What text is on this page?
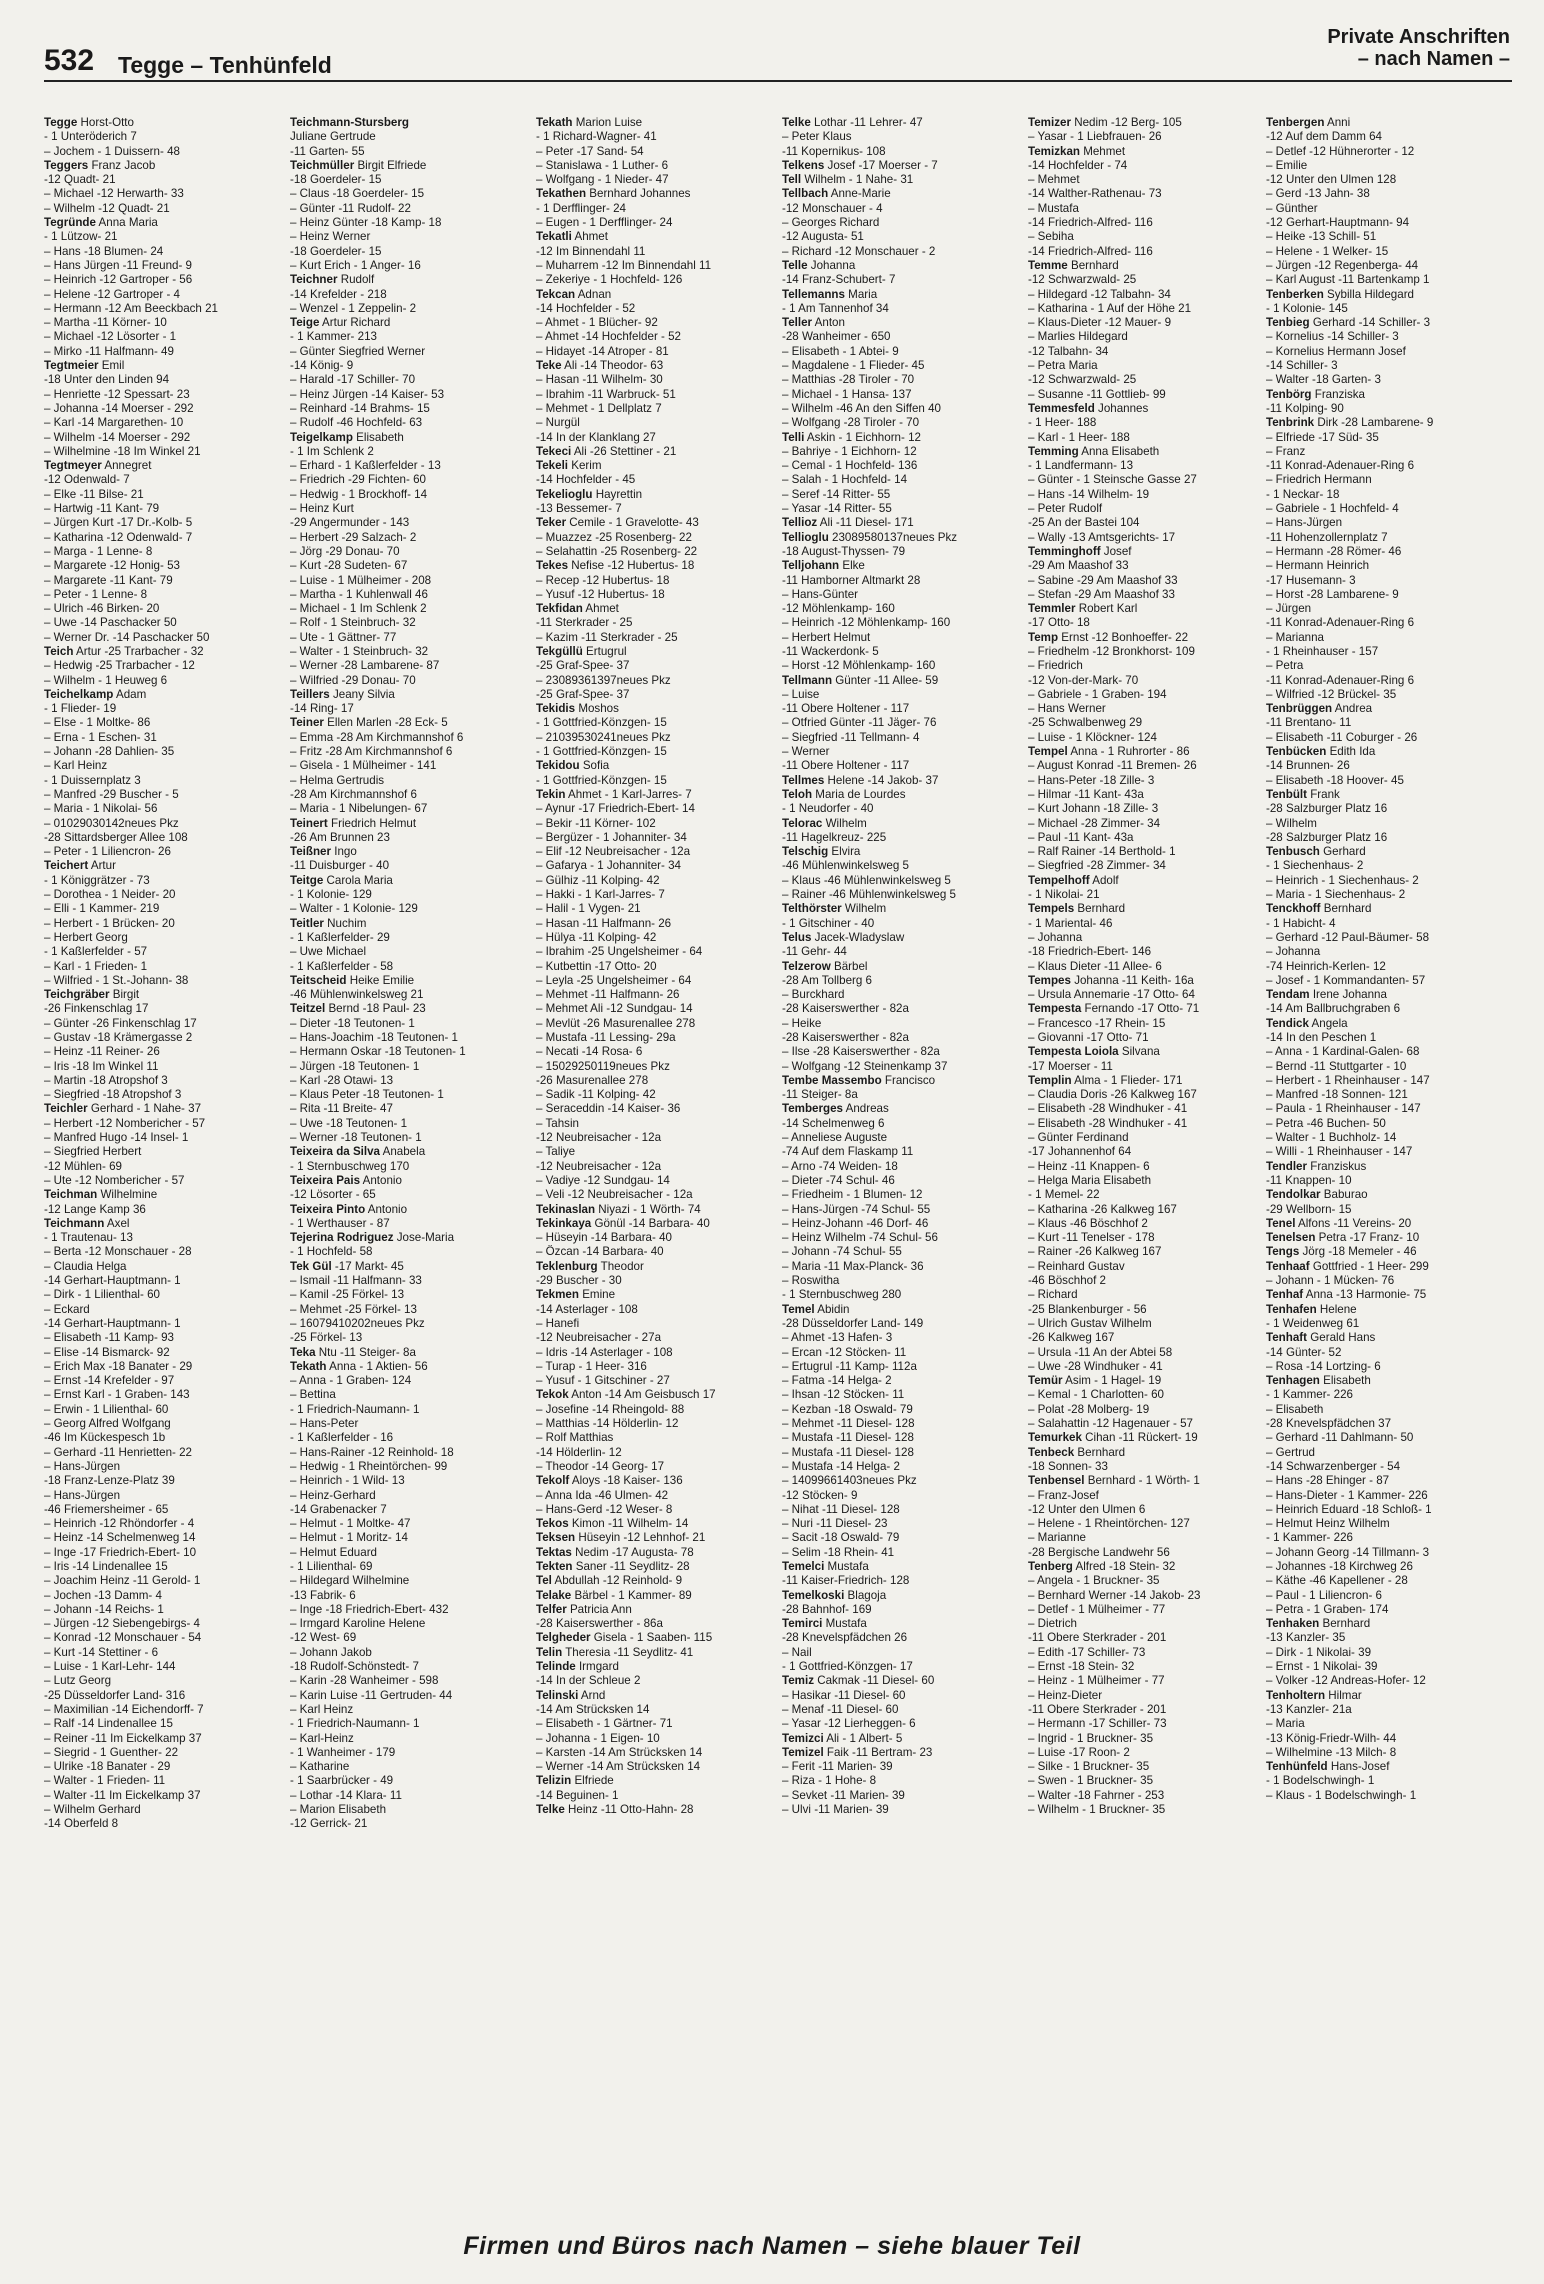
532 Tegge – Tenhünfeld
Private Anschriften
– nach Namen –
Tegge Horst-Otto
- 1 Unteröderich 7
– Jochem - 1 Duissern- 48
Teggers Franz Jacob
-12 Quadt- 21
– Michael -12 Herwarth- 33
– Wilhelm -12 Quadt- 21
Tegründe Anna Maria
- 1 Lützow- 21
– Hans -18 Blumen- 24
– Hans Jürgen -11 Freund- 9
– Heinrich -12 Gartroper - 56
– Helene -12 Gartroper - 4
– Hermann -12 Am Beeckbach 21
– Martha -11 Körner- 10
– Michael -12 Lösorter - 1
– Mirko -11 Halfmann- 49
Tegtmeier Emil
-18 Unter den Linden 94
– Henriette -12 Spessart- 23
– Johanna -14 Moerser - 292
– Karl -14 Margarethen- 10
– Wilhelm -14 Moerser - 292
– Wilhelmine -18 Im Winkel 21
Tegtmeyer Annegret
-12 Odenwald- 7
– Elke -11 Bilse- 21
– Hartwig -11 Kant- 79
– Jürgen Kurt -17 Dr.-Kolb- 5
– Katharina -12 Odenwald- 7
– Marga - 1 Lenne- 8
– Margarete -12 Honig- 53
– Margarete -11 Kant- 79
– Peter - 1 Lenne- 8
– Ulrich -46 Birken- 20
– Uwe -14 Paschacker 50
– Werner Dr. -14 Paschacker 50
Teich Artur -25 Trarbacher - 32
– Hedwig -25 Trarbacher - 12
– Wilhelm - 1 Heuweg 6
Teichelkamp Adam
- 1 Flieder- 19
– Else - 1 Moltke- 86
– Erna - 1 Eschen- 31
– Johann -28 Dahlien- 35
– Karl Heinz
- 1 Duissernplatz 3
– Manfred -29 Buscher - 5
– Maria - 1 Nikolai- 56
– 01029030142neues Pkz
-28 Sittardsberger Allee 108
– Peter - 1 Liliencron- 26
Teichert Artur
- 1 Königgrätzer - 73
– Dorothea - 1 Neider- 20
– Elli - 1 Kammer- 219
– Herbert - 1 Brücken- 20
– Herbert Georg
- 1 Kaßlerfelder - 57
– Karl - 1 Frieden- 1
– Wilfried - 1 St.-Johann- 38
Teichgräber Birgit
-26 Finkenschlag 17
– Günter -26 Finkenschlag 17
– Gustav -18 Krämergasse 2
– Heinz -11 Reiner- 26
– Iris -18 Im Winkel 11
– Martin -18 Atropshof 3
– Siegfried -18 Atropshof 3
Teichler Gerhard - 1 Nahe- 37
– Herbert -12 Nombericher - 57
– Manfred Hugo -14 Insel- 1
– Siegfried Herbert
-12 Mühlen- 69
– Ute -12 Nombericher - 57
Teichman Wilhelmine
-12 Lange Kamp 36
Teichmann Axel
- 1 Trautenau- 13
– Berta -12 Monschauer - 28
– Claudia Helga
-14 Gerhart-Hauptmann- 1
– Dirk - 1 Lilienthal- 60
– Eckard
-14 Gerhart-Hauptmann- 1
– Elisabeth -11 Kamp- 93
– Elise -14 Bismarck- 92
– Erich Max -18 Banater - 29
– Ernst -14 Krefelder - 97
– Ernst Karl - 1 Graben- 143
– Erwin - 1 Lilienthal- 60
– Georg Alfred Wolfgang
-46 Im Kückespesch 1b
– Gerhard -11 Henrietten- 22
– Hans-Jürgen
-18 Franz-Lenze-Platz 39
– Hans-Jürgen
-46 Friemersheimer - 65
– Heinrich -12 Rhöndorfer - 4
– Heinz -14 Schelmenweg 14
– Inge -17 Friedrich-Ebert- 10
– Iris -14 Lindenallee 15
– Joachim Heinz -11 Gerold- 1
– Jochen -13 Damm- 4
– Johann -14 Reichs- 1
– Jürgen -12 Siebengebirgs- 4
– Konrad -12 Monschauer - 54
– Kurt -14 Stettiner - 6
– Luise - 1 Karl-Lehr- 144
– Lutz Georg
-25 Düsseldorfer Land- 316
– Maximilian -14 Eichendorff- 7
– Ralf -14 Lindenallee 15
– Reiner -11 Im Eickelkamp 37
– Siegrid - 1 Guenther- 22
– Ulrike -18 Banater - 29
– Walter - 1 Frieden- 11
– Walter -11 Im Eickelkamp 37
– Wilhelm Gerhard
-14 Oberfeld 8
Teichmann-Stursberg
Juliane Gertrude
-11 Garten- 55
Teichmüller Birgit Elfriede
-18 Goerdeler- 15
– Claus -18 Goerdeler- 15
– Günter -11 Rudolf- 22
– Heinz Günter -18 Kamp- 18
– Heinz Werner
-18 Goerdeler- 15
– Kurt Erich - 1 Anger- 16
Teichner Rudolf
-14 Krefelder - 218
– Wenzel - 1 Zeppelin- 2
Teige Artur Richard
- 1 Kammer- 213
– Günter Siegfried Werner
-14 König- 9
– Harald -17 Schiller- 70
– Heinz Jürgen -14 Kaiser- 53
– Reinhard -14 Brahms- 15
– Rudolf -46 Hochfeld- 63
Teigelkamp Elisabeth
- 1 Im Schlenk 2
– Erhard - 1 Kaßlerfelder - 13
– Friedrich -29 Fichten- 60
– Hedwig - 1 Brockhoff- 14
– Heinz Kurt
-29 Angermunder - 143
– Herbert -29 Salzach- 2
– Jörg -29 Donau- 70
– Kurt -28 Sudeten- 67
– Luise - 1 Mülheimer - 208
– Martha - 1 Kuhlenwall 46
– Michael - 1 Im Schlenk 2
– Rolf - 1 Steinbruch- 32
– Ute - 1 Gättner- 77
– Walter - 1 Steinbruch- 32
– Werner -28 Lambarene- 87
– Wilfried -29 Donau- 70
Teillers Jeany Silvia
-14 Ring- 17
Teiner Ellen Marlen -28 Eck- 5
– Emma -28 Am Kirchmannshof 6
– Fritz -28 Am Kirchmannshof 6
– Gisela - 1 Mülheimer - 141
– Helma Gertrudis
-28 Am Kirchmannshof 6
– Maria - 1 Nibelungen- 67
Teinert Friedrich Helmut
-26 Am Brunnen 23
Teißner Ingo
-11 Duisburger - 40
Teitge Carola Maria
- 1 Kolonie- 129
– Walter - 1 Kolonie- 129
Teitler Nuchim
- 1 Kaßlerfelder- 29
– Uwe Michael
- 1 Kaßlerfelder - 58
Teitscheid Heike Emilie
-46 Mühlenwinkelsweg 21
Teitzel Bernd -18 Paul- 23
– Dieter -18 Teutonen- 1
– Hans-Joachim -18 Teutonen- 1
– Hermann Oskar -18 Teutonen- 1
– Jürgen -18 Teutonen- 1
– Karl -28 Otawi- 13
– Klaus Peter -18 Teutonen- 1
– Rita -11 Breite- 47
– Uwe -18 Teutonen- 1
– Werner -18 Teutonen- 1
Teixeira da Silva Anabela
- 1 Sternbuschweg 170
Teixeira Pais Antonio
-12 Lösorter - 65
Teixeira Pinto Antonio
- 1 Werthauser - 87
Tejerina Rodriguez Jose-Maria
- 1 Hochfeld- 58
Tek Gül -17 Markt- 45
– Ismail -11 Halfmann- 33
– Kamil -25 Förkel- 13
– Mehmet -25 Förkel- 13
– 16079410202neues Pkz
-25 Förkel- 13
Teka Ntu -11 Steiger- 8a
Tekath Anna - 1 Aktien- 56
– Anna - 1 Graben- 124
– Bettina
- 1 Friedrich-Naumann- 1
– Hans-Peter
- 1 Kaßlerfelder - 16
– Hans-Rainer -12 Reinhold- 18
– Hedwig - 1 Rheintörchen- 99
– Heinrich - 1 Wild- 13
– Heinz-Gerhard
-14 Grabenacker 7
– Helmut - 1 Moltke- 47
– Helmut - 1 Moritz- 14
– Helmut Eduard
- 1 Lilienthal- 69
– Hildegard Wilhelmine
-13 Fabrik- 6
– Inge -18 Friedrich-Ebert- 432
– Irmgard Karoline Helene
-12 West- 69
– Johann Jakob
-18 Rudolf-Schönstedt- 7
– Karin -28 Wanheimer - 598
– Karin Luise -11 Gertruden- 44
– Karl Heinz
- 1 Friedrich-Naumann- 1
– Karl-Heinz
- 1 Wanheimer - 179
– Katharine
- 1 Saarbrücker - 49
– Lothar -14 Klara- 11
– Marion Elisabeth
-12 Gerrick- 21
Tekath Marion Luise
- 1 Richard-Wagner- 41
– Peter -17 Sand- 54
– Stanislawa - 1 Luther- 6
– Wolfgang - 1 Nieder- 47
Tekathen Bernhard Johannes
- 1 Derfflinger- 24
– Eugen - 1 Derfflinger- 24
Tekatli Ahmet
-12 Im Binnendahl 11
– Muharrem -12 Im Binnendahl 11
– Zekeriye - 1 Hochfeld- 126
Tekcan Adnan
-14 Hochfelder - 52
– Ahmet - 1 Blücher- 92
– Ahmet -14 Hochfelder - 52
– Hidayet -14 Atroper - 81
Teke Ali -14 Theodor- 63
– Hasan -11 Wilhelm- 30
– Ibrahim -11 Warbruck- 51
– Mehmet - 1 Dellplatz 7
– Nurgül
-14 In der Klanklang 27
Tekeci Ali -26 Stettiner - 21
Tekeli Kerim
-14 Hochfelder - 45
Tekelioglu Hayrettin
-13 Bessemer- 7
Teker Cemile - 1 Gravelotte- 43
– Muazzez -25 Rosenberg- 22
– Selahattin -25 Rosenberg- 22
Tekes Nefise -12 Hubertus- 18
– Recep -12 Hubertus- 18
– Yusuf -12 Hubertus- 18
Tekfidan Ahmet
-11 Sterkrader - 25
– Kazim -11 Sterkrader - 25
Tekgüllü Ertugrul
-25 Graf-Spee- 37
– 23089361397neues Pkz
-25 Graf-Spee- 37
Tekidis Moshos
- 1 Gottfried-Könzgen- 15
– 21039530241neues Pkz
- 1 Gottfried-Könzgen- 15
Tekidou Sofia
- 1 Gottfried-Könzgen- 15
Tekin Ahmet - 1 Karl-Jarres- 7
– Aynur -17 Friedrich-Ebert- 14
– Bekir -11 Körner- 102
– Bergüzer - 1 Johanniter- 34
– Elif -12 Neubreisacher - 12a
– Gafarya - 1 Johanniter- 34
– Gülhiz -11 Kolping- 42
– Hakki - 1 Karl-Jarres- 7
– Halil - 1 Vygen- 21
– Hasan -11 Halfmann- 26
– Hülya -11 Kolping- 42
– Ibrahim -25 Ungelsheimer - 64
– Kutbettin -17 Otto- 20
– Leyla -25 Ungelsheimer - 64
– Mehmet -11 Halfmann- 26
– Mehmet Ali -12 Sundgau- 14
– Mevlüt -26 Masurenallee 278
– Mustafa -11 Lessing- 29a
– Necati -14 Rosa- 6
– 15029250119neues Pkz
-26 Masurenallee 278
– Sadik -11 Kolping- 42
– Seraceddin -14 Kaiser- 36
– Tahsin
-12 Neubreisacher - 12a
– Taliye
-12 Neubreisacher - 12a
– Vadiye -12 Sundgau- 14
– Veli -12 Neubreisacher - 12a
Tekinaslan Niyazi - 1 Wörth- 74
Tekinkaya Gönül -14 Barbara- 40
– Hüseyin -14 Barbara- 40
– Özcan -14 Barbara- 40
Teklenburg Theodor
-29 Buscher - 30
Tekmen Emine
-14 Asterlager - 108
– Hanefi
-12 Neubreisacher - 27a
– Idris -14 Asterlager - 108
– Turap - 1 Heer- 316
– Yusuf - 1 Gitschiner - 27
Tekok Anton -14 Am Geisbusch 17
– Josefine -14 Rheingold- 88
– Matthias -14 Hölderlin- 12
– Rolf Matthias
-14 Hölderlin- 12
– Theodor -14 Georg- 17
Tekolf Aloys -18 Kaiser- 136
– Anna Ida -46 Ulmen- 42
– Hans-Gerd -12 Weser- 8
Tekos Kimon -11 Wilhelm- 14
Teksen Hüseyin -12 Lehnhof- 21
Tektas Nedim -17 Augusta- 78
Tekten Saner -11 Seydlitz- 28
Tel Abdullah -12 Reinhold- 9
Telake Bärbel - 1 Kammer- 89
Telfer Patricia Ann
-28 Kaiserswerther - 86a
Telgheder Gisela - 1 Saaben- 115
Telin Theresia -11 Seydlitz- 41
Telinde Irmgard
-14 In der Schleue 2
Telinski Arnd
-14 Am Strücksken 14
– Elisabeth - 1 Gärtner- 71
– Johanna - 1 Eigen- 10
– Karsten -14 Am Strücksken 14
– Werner -14 Am Strücksken 14
Telizin Elfriede
-14 Beguinen- 1
Telke Heinz -11 Otto-Hahn- 28
Telke Lothar -11 Lehrer- 47
– Peter Klaus
-11 Kopernikus- 108
Telkens Josef -17 Moerser - 7
Tell Wilhelm - 1 Nahe- 31
Tellbach Anne-Marie
-12 Monschauer - 4
– Georges Richard
-12 Augusta- 51
– Richard -12 Monschauer - 2
Telle Johanna
-14 Franz-Schubert- 7
Tellemanns Maria
- 1 Am Tannenhof 34
Teller Anton
-28 Wanheimer - 650
– Elisabeth - 1 Abtei- 9
– Magdalene - 1 Flieder- 45
– Matthias -28 Tiroler - 70
– Michael - 1 Hansa- 137
– Wilhelm -46 An den Siffen 40
– Wolfgang -28 Tiroler - 70
Telli Askin - 1 Eichhorn- 12
– Bahriye - 1 Eichhorn- 12
– Cemal - 1 Hochfeld- 136
– Salah - 1 Hochfeld- 14
– Seref -14 Ritter- 55
– Yasar -14 Ritter- 55
Tellioz Ali -11 Diesel- 171
Tellioglu 23089580137neues Pkz
-18 August-Thyssen- 79
Telljohann Elke
-11 Hamborner Altmarkt 28
– Hans-Günter
-12 Möhlenkamp- 160
– Heinrich -12 Möhlenkamp- 160
– Herbert Helmut
-11 Wackerdonk- 5
– Horst -12 Möhlenkamp- 160
Tellmann Günter -11 Allee- 59
– Luise
-11 Obere Holtener - 117
– Otfried Günter -11 Jäger- 76
– Siegfried -11 Tellmann- 4
– Werner
-11 Obere Holtener - 117
Tellmes Helene -14 Jakob- 37
Teloh Maria de Lourdes
- 1 Neudorfer - 40
Telorac Wilhelm
-11 Hagelkreuz- 225
Telschig Elvira
-46 Mühlenwinkelsweg 5
– Klaus -46 Mühlenwinkelsweg 5
– Rainer -46 Mühlenwinkelsweg 5
Telthörster Wilhelm
- 1 Gitschiner - 40
Telus Jacek-Wladyslaw
-11 Gehr- 44
Telzerow Bärbel
-28 Am Tollberg 6
– Burckhard
-28 Kaiserswerther - 82a
– Heike
-28 Kaiserswerther - 82a
– Ilse -28 Kaiserswerther - 82a
– Wolfgang -12 Steinenkamp 37
Tembe Massembo Francisco
-11 Steiger- 8a
Temberges Andreas
-14 Schelmenweg 6
– Anneliese Auguste
-74 Auf dem Flaskamp 11
– Arno -74 Weiden- 18
– Dieter -74 Schul- 46
– Friedheim - 1 Blumen- 12
– Hans-Jürgen -74 Schul- 55
– Heinz-Johann -46 Dorf- 46
– Heinz Wilhelm -74 Schul- 56
– Johann -74 Schul- 55
– Maria -11 Max-Planck- 36
– Roswitha
- 1 Sternbuschweg 280
Temel Abidin
-28 Düsseldorfer Land- 149
– Ahmet -13 Hafen- 3
– Ercan -12 Stöcken- 11
– Ertugrul -11 Kamp- 112a
– Fatma -14 Helga- 2
– Ihsan -12 Stöcken- 11
– Kezban -18 Oswald- 79
– Mehmet -11 Diesel- 128
– Mustafa -11 Diesel- 128
– Mustafa -11 Diesel- 128
– Mustafa -14 Helga- 2
– 14099661403neues Pkz
-12 Stöcken- 9
– Nihat -11 Diesel- 128
– Nuri -11 Diesel- 23
– Sacit -18 Oswald- 79
– Selim -18 Rhein- 41
Temelci Mustafa
-11 Kaiser-Friedrich- 128
Temelkoski Blagoja
-28 Bahnhof- 169
Temirci Mustafa
-28 Knevelspfädchen 26
– Nail
- 1 Gottfried-Könzgen- 17
Temiz Cakmak -11 Diesel- 60
– Hasikar -11 Diesel- 60
– Menaf -11 Diesel- 60
– Yasar -12 Lierheggen- 6
Temizci Ali - 1 Albert- 5
Temizel Faik -11 Bertram- 23
– Ferit -11 Marien- 39
– Riza - 1 Hohe- 8
– Sevket -11 Marien- 39
– Ulvi -11 Marien- 39
Temizer Nedim -12 Berg- 105
– Yasar - 1 Liebfrauen- 26
Temizkan Mehmet
-14 Hochfelder - 74
– Mehmet
-14 Walther-Rathenau- 73
– Mustafa
-14 Friedrich-Alfred- 116
– Sebiha
-14 Friedrich-Alfred- 116
Temme Bernhard
-12 Schwarzwald- 25
– Hildegard -12 Talbahn- 34
– Katharina - 1 Auf der Höhe 21
– Klaus-Dieter -12 Mauer- 9
– Marlies Hildegard
-12 Talbahn- 34
– Petra Maria
-12 Schwarzwald- 25
– Susanne -11 Gottlieb- 99
Temmesfeld Johannes
- 1 Heer- 188
– Karl - 1 Heer- 188
Temming Anna Elisabeth
- 1 Landfermann- 13
– Günter - 1 Steinsche Gasse 27
– Hans -14 Wilhelm- 19
– Peter Rudolf
-25 An der Bastei 104
– Wally -13 Amtsgerichts- 17
Temminghoff Josef
-29 Am Maashof 33
– Sabine -29 Am Maashof 33
– Stefan -29 Am Maashof 33
Temmler Robert Karl
-17 Otto- 18
Temp Ernst -12 Bonhoeffer- 22
– Friedhelm -12 Bronkhorst- 109
– Friedrich
-12 Von-der-Mark- 70
– Gabriele - 1 Graben- 194
– Hans Werner
-25 Schwalbenweg 29
– Luise - 1 Klöckner- 124
Tempel Anna - 1 Ruhrorter - 86
– August Konrad -11 Bremen- 26
– Hans-Peter -18 Zille- 3
– Hilmar -11 Kant- 43a
– Kurt Johann -18 Zille- 3
– Michael -28 Zimmer- 34
– Paul -11 Kant- 43a
– Ralf Rainer -14 Berthold- 1
– Siegfried -28 Zimmer- 34
Tempelhoff Adolf
- 1 Nikolai- 21
Tempels Bernhard
- 1 Mariental- 46
– Johanna
-18 Friedrich-Ebert- 146
– Klaus Dieter -11 Allee- 6
Tempes Johanna -11 Keith- 16a
– Ursula Annemarie -17 Otto- 64
Tempesta Fernando -17 Otto- 71
– Francesco -17 Rhein- 15
– Giovanni -17 Otto- 71
Tempesta Loiola Silvana
-17 Moerser - 11
Templin Alma - 1 Flieder- 171
– Claudia Doris -26 Kalkweg 167
– Elisabeth -28 Windhuker - 41
– Elisabeth -28 Windhuker - 41
– Günter Ferdinand
-17 Johannenhof 64
– Heinz -11 Knappen- 6
– Helga Maria Elisabeth
- 1 Memel- 22
– Katharina -26 Kalkweg 167
– Klaus -46 Böschhof 2
– Kurt -11 Tenelser - 178
– Rainer -26 Kalkweg 167
– Reinhard Gustav
-46 Böschhof 2
– Richard
-25 Blankenburger - 56
– Ulrich Gustav Wilhelm
-26 Kalkweg 167
– Ursula -11 An der Abtei 58
– Uwe -28 Windhuker - 41
Temür Asim - 1 Hagel- 19
– Kemal - 1 Charlotten- 60
– Polat -28 Molberg- 19
– Salahattin -12 Hagenauer - 57
Temurkek Cihan -11 Rückert- 19
Tenbeck Bernhard
-18 Sonnen- 33
Tenbensel Bernhard - 1 Wörth- 1
– Franz-Josef
-12 Unter den Ulmen 6
– Helene - 1 Rheintörchen- 127
– Marianne
-28 Bergische Landwehr 56
Tenberg Alfred -18 Stein- 32
– Angela - 1 Bruckner- 35
– Bernhard Werner -14 Jakob- 23
– Detlef - 1 Mülheimer - 77
– Dietrich
-11 Obere Sterkrader - 201
– Edith -17 Schiller- 73
– Ernst -18 Stein- 32
– Heinz - 1 Mülheimer - 77
– Heinz-Dieter
-11 Obere Sterkrader - 201
– Hermann -17 Schiller- 73
– Ingrid - 1 Bruckner- 35
– Luise -17 Roon- 2
– Silke - 1 Bruckner- 35
– Swen - 1 Bruckner- 35
– Walter -18 Fahrner - 253
– Wilhelm - 1 Bruckner- 35
Tenbergen Anni
-12 Auf dem Damm 64
– Detlef -12 Hühnerorter - 12
– Emilie
-12 Unter den Ulmen 128
– Gerd -13 Jahn- 38
– Günther
-12 Gerhart-Hauptmann- 94
– Heike -13 Schill- 51
– Helene - 1 Welker- 15
– Jürgen -12 Regenberga- 44
– Karl August -11 Bartenkamp 1
Tenberken Sybilla Hildegard
- 1 Kolonie- 145
Tenbieg Gerhard -14 Schiller- 3
– Kornelius -14 Schiller- 3
– Kornelius Hermann Josef
-14 Schiller- 3
– Walter -18 Garten- 3
Tenbörg Franziska
-11 Kolping- 90
Tenbrink Dirk -28 Lambarene- 9
– Elfriede -17 Süd- 35
– Franz
-11 Konrad-Adenauer-Ring 6
– Friedrich Hermann
- 1 Neckar- 18
– Gabriele - 1 Hochfeld- 4
– Hans-Jürgen
-11 Hohenzollernplatz 7
– Hermann -28 Römer- 46
– Hermann Heinrich
-17 Husemann- 3
– Horst -28 Lambarene- 9
– Jürgen
-11 Konrad-Adenauer-Ring 6
– Marianna
- 1 Rheinhauser - 157
– Petra
-11 Konrad-Adenauer-Ring 6
– Wilfried -12 Brückel- 35
Tenbrüggen Andrea
-11 Brentano- 11
– Elisabeth -11 Coburger - 26
Tenbücken Edith Ida
-14 Brunnen- 26
– Elisabeth -18 Hoover- 45
Tenbült Frank
-28 Salzburger Platz 16
– Wilhelm
-28 Salzburger Platz 16
Tenbusch Gerhard
- 1 Siechenhaus- 2
– Heinrich - 1 Siechenhaus- 2
– Maria - 1 Siechenhaus- 2
Tenckhoff Bernhard
- 1 Habicht- 4
– Gerhard -12 Paul-Bäumer- 58
– Johanna
-74 Heinrich-Kerlen- 12
– Josef - 1 Kommandanten- 57
Tendam Irene Johanna
-14 Am Ballbruchgraben 6
Tendick Angela
-14 In den Peschen 1
– Anna - 1 Kardinal-Galen- 68
– Bernd -11 Stuttgarter - 10
– Herbert - 1 Rheinhauser - 147
– Manfred -18 Sonnen- 121
– Paula - 1 Rheinhauser - 147
– Petra -46 Buchen- 50
– Walter - 1 Buchholz- 14
– Willi - 1 Rheinhauser - 147
Tendler Franziskus
-11 Knappen- 10
Tendolkar Baburao
-29 Wellborn- 15
Tenel Alfons -11 Vereins- 20
Tenelsen Petra -17 Franz- 10
Tengs Jörg -18 Memeler - 46
Tenhaaf Gottfried - 1 Heer- 299
– Johann - 1 Mücken- 76
Tenhaf Anna -13 Harmonie- 75
Tenhafen Helene
- 1 Weidenweg 61
Tenhaft Gerald Hans
-14 Günter- 52
– Rosa -14 Lortzing- 6
Tenhagen Elisabeth
- 1 Kammer- 226
– Elisabeth
-28 Knevelspfädchen 37
– Gerhard -11 Dahlmann- 50
– Gertrud
-14 Schwarzenberger - 54
– Hans -28 Ehinger - 87
– Hans-Dieter - 1 Kammer- 226
– Heinrich Eduard -18 Schloß- 1
– Helmut Heinz Wilhelm
- 1 Kammer- 226
– Johann Georg -14 Tillmann- 3
– Johannes -18 Kirchweg 26
– Käthe -46 Kapellener - 28
– Paul - 1 Liliencron- 6
– Petra - 1 Graben- 174
Tenhaken Bernhard
-13 Kanzler- 35
– Dirk - 1 Nikolai- 39
– Ernst - 1 Nikolai- 39
– Volker -12 Andreas-Hofer- 12
Tenholtern Hilmar
-13 Kanzler- 21a
– Maria
-13 König-Friedr-Wilh- 44
– Wilhelmine -13 Milch- 8
Tenhünfeld Hans-Josef
- 1 Bodelschwingh- 1
– Klaus - 1 Bodelschwingh- 1
Firmen und Büros nach Namen – siehe blauer Teil
